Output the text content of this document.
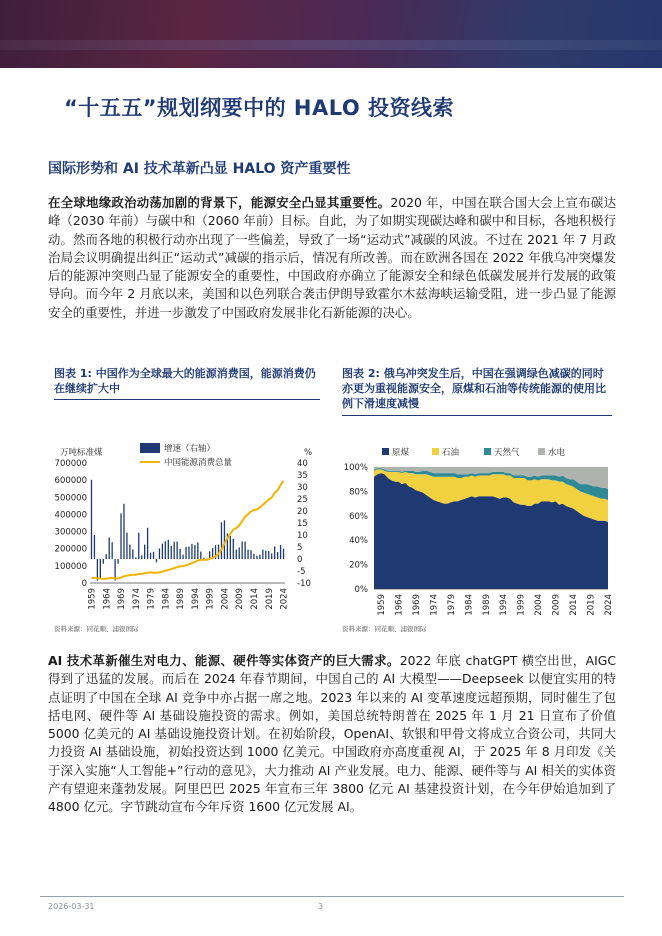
“十五五”规划纲要中的 HALO 投资线索
国际形势和 AI 技术革新凸显 HALO 资产重要性

在全球地缘政治动荡加剧的背景下，能源安全凸显其重要性。2020 年，中国在联合国大会上宣布碳达峰（2030 年前）与碳中和（2060 年前）目标。自此，为了如期实现碳达峰和碳中和目标，各地积极行动。然而各地的积极行动亦出现了一些偏差，导致了一场“运动式”减碳的风波。不过在 2021 年 7 月政治局会议明确提出纠正“运动式”减碳的指示后，情况有所改善。而在欧洲各国在 2022 年俄乌冲突爆发后的能源冲突则凸显了能源安全的重要性，中国政府亦确立了能源安全和绿色低碳发展并行发展的政策导向。而今年 2 月底以来，美国和以色列联合袭击伊朗导致霍尔木兹海峡运输受阻，进一步凸显了能源安全的重要性，并进一步激发了中国政府发展非化石新能源的决心。

图表 1: 中国作为全球最大的能源消费国，能源消费仍在继续扩大中
万吨标准煤	%
700000
600000
500000
400000
300000
200000
100000
0
40
35
30
25
20
15
10
5
0
-5
-10
1959 1964 1969 1974 1979 1984 1989 1994 1999 2004 2009 2014 2019 2024
增速（右轴）
中国能源消费总量
资料来源：同花顺、浦银国际
图表 2: 俄乌冲突发生后，中国在强调绿色减碳的同时亦更为重视能源安全，原煤和石油等传统能源的使用比例下滑速度减慢
100%
80%
60%
40%
20%
0%
1959 1964 1969 1974 1979 1984 1989 1994 1999 2004 2009 2014 2019 2024
原煤	石油	天然气	水电
资料来源：同花顺、浦银国际

AI 技术革新催生对电力、能源、硬件等实体资产的巨大需求。2022 年底 chatGPT 横空出世，AIGC 得到了迅猛的发展。而后在 2024 年春节期间，中国自己的 AI 大模型——Deepseek 以便宜实用的特点证明了中国在全球 AI 竞争中亦占据一席之地。2023 年以来的 AI 变革速度远超预期，同时催生了包括电网、硬件等 AI 基础设施投资的需求。例如，美国总统特朗普在 2025 年 1 月 21 日宣布了价值 5000 亿美元的 AI 基础设施投资计划。在初始阶段，OpenAI、软银和甲骨文将成立合资公司，共同大力投资 AI 基础设施，初始投资达到 1000 亿美元。中国政府亦高度重视 AI，于 2025 年 8 月印发《关于深入实施“人工智能+”行动的意见》，大力推动 AI 产业发展。电力、能源、硬件等与 AI 相关的实体资产有望迎来蓬勃发展。阿里巴巴 2025 年宣布三年 3800 亿元 AI 基建投资计划，在今年伊始追加到了 4800 亿元。字节跳动宣布今年斥资 1600 亿元发展 AI。

2026-03-31	3
